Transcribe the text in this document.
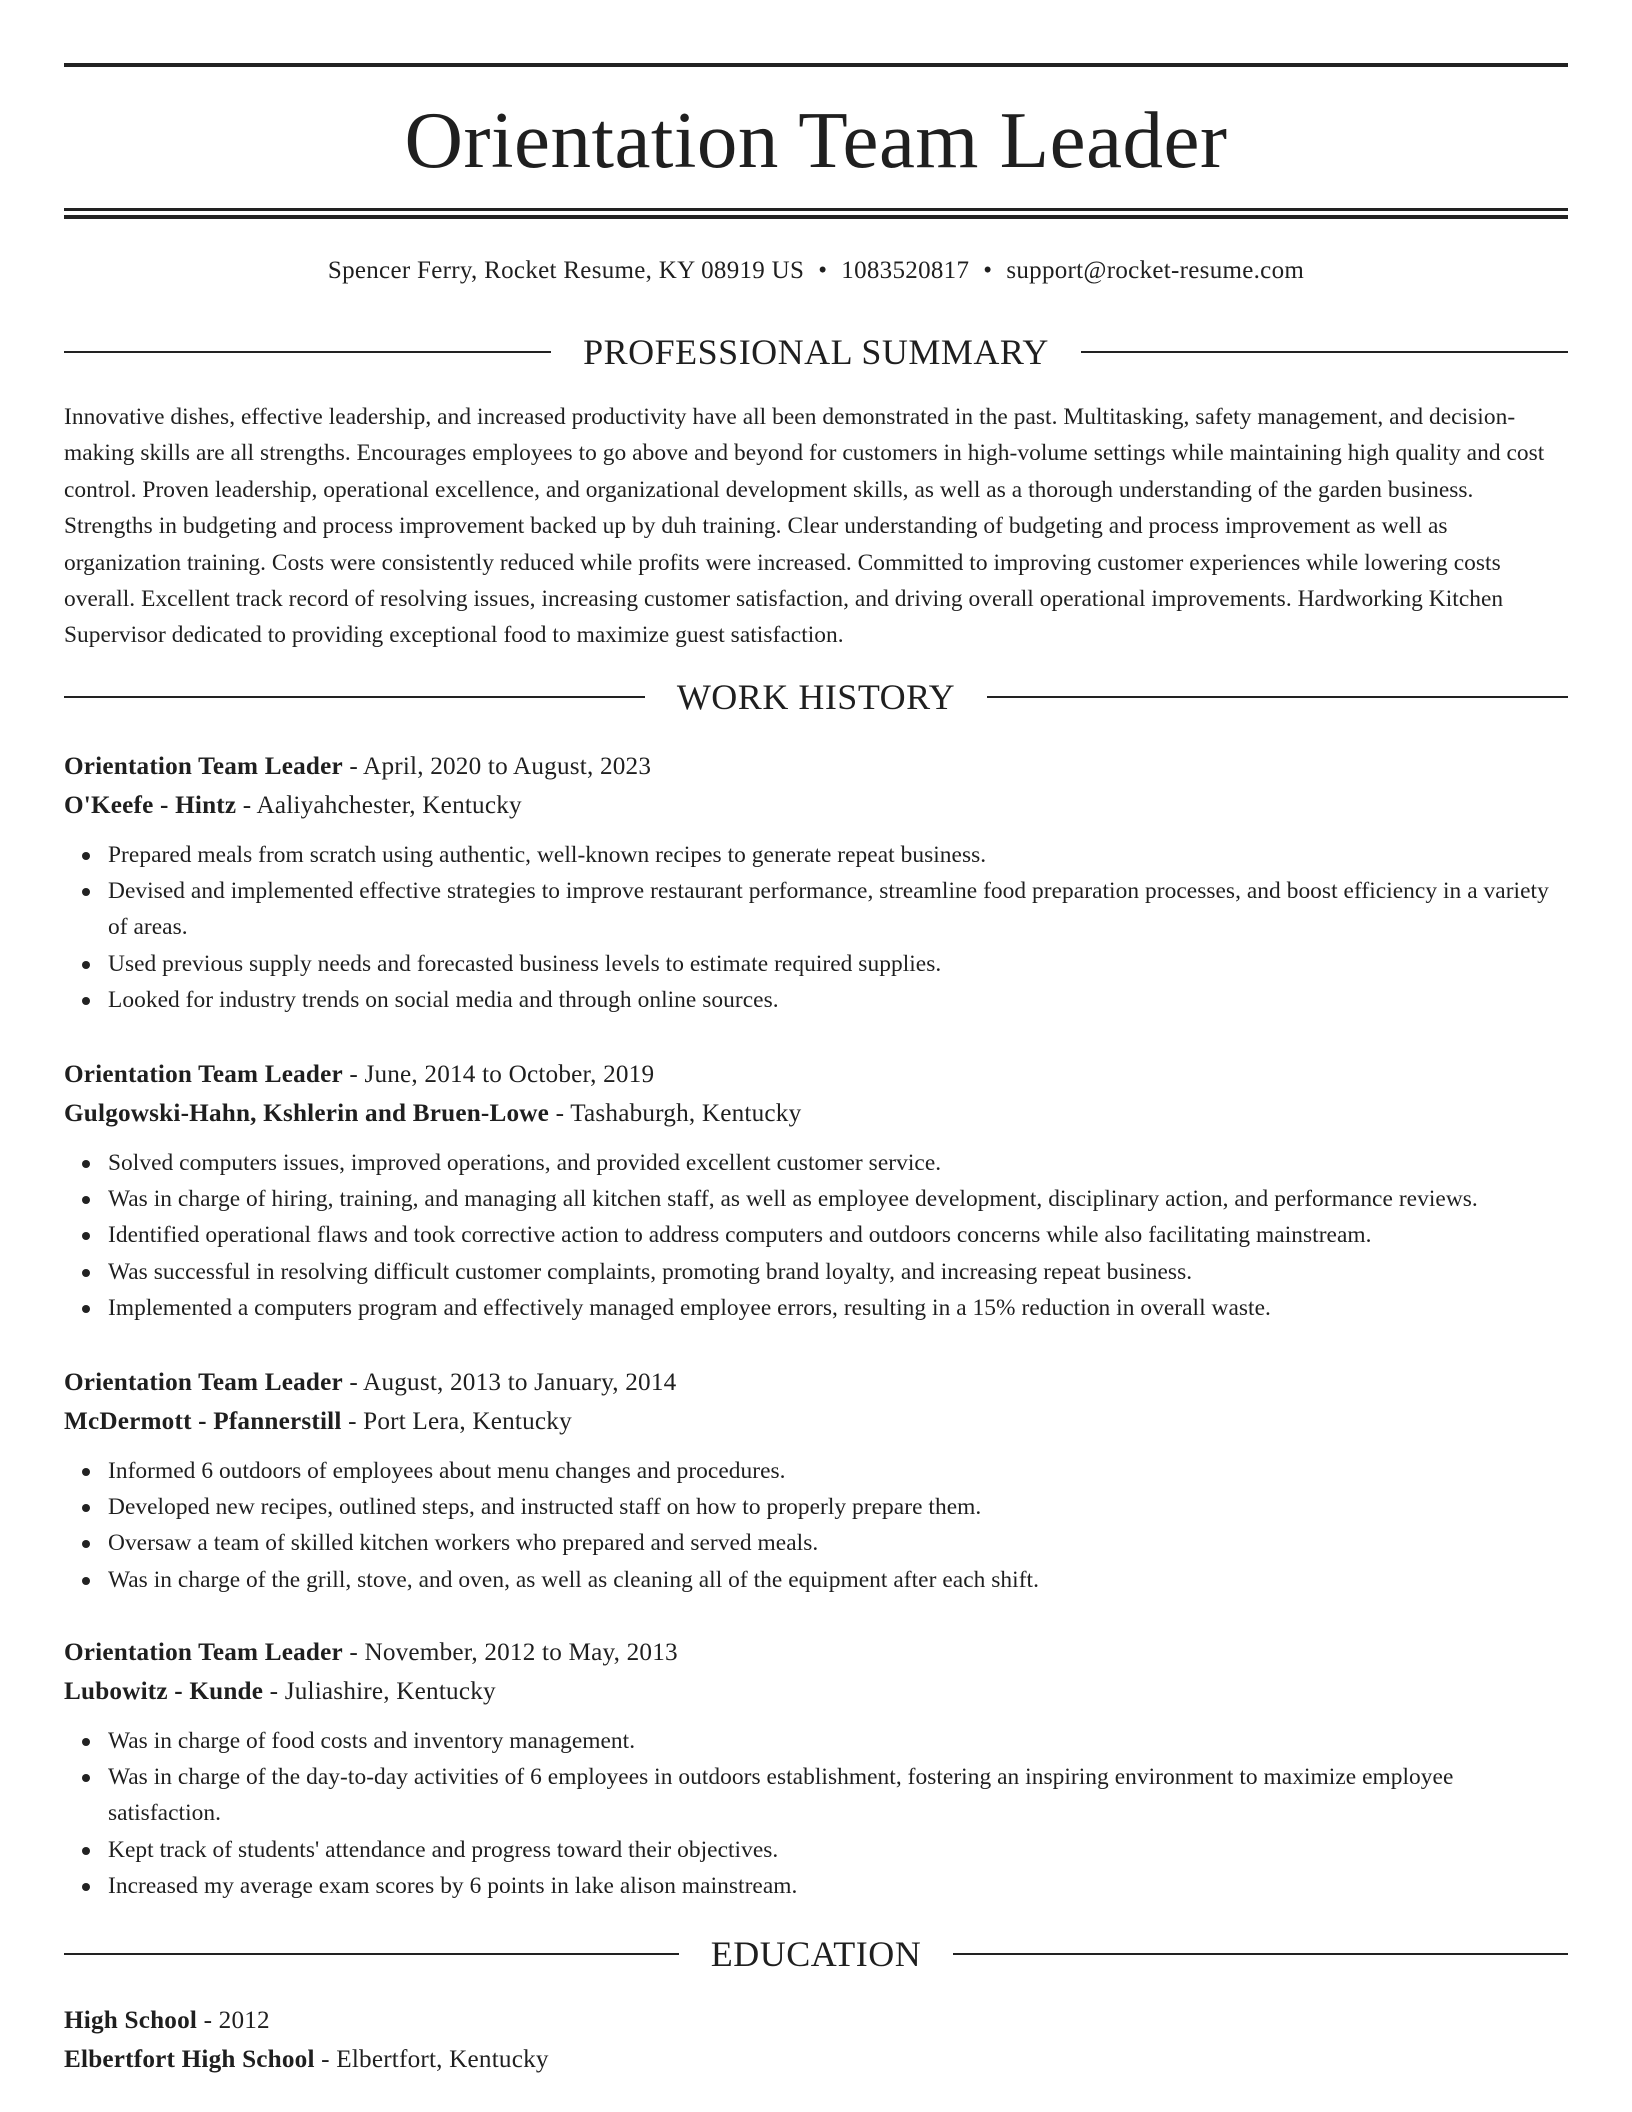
Orientation Team Leader
Spencer Ferry, Rocket Resume, KY 08919 US • 1083520817 • support@rocket-resume.com
PROFESSIONAL SUMMARY
Innovative dishes, effective leadership, and increased productivity have all been demonstrated in the past. Multitasking, safety management, and decision-making skills are all strengths. Encourages employees to go above and beyond for customers in high-volume settings while maintaining high quality and cost control. Proven leadership, operational excellence, and organizational development skills, as well as a thorough understanding of the garden business. Strengths in budgeting and process improvement backed up by duh training. Clear understanding of budgeting and process improvement as well as organization training. Costs were consistently reduced while profits were increased. Committed to improving customer experiences while lowering costs overall. Excellent track record of resolving issues, increasing customer satisfaction, and driving overall operational improvements. Hardworking Kitchen Supervisor dedicated to providing exceptional food to maximize guest satisfaction.
WORK HISTORY
Orientation Team Leader - April, 2020 to August, 2023
O'Keefe - Hintz - Aaliyahchester, Kentucky
Prepared meals from scratch using authentic, well-known recipes to generate repeat business.
Devised and implemented effective strategies to improve restaurant performance, streamline food preparation processes, and boost efficiency in a variety of areas.
Used previous supply needs and forecasted business levels to estimate required supplies.
Looked for industry trends on social media and through online sources.
Orientation Team Leader - June, 2014 to October, 2019
Gulgowski-Hahn, Kshlerin and Bruen-Lowe - Tashaburgh, Kentucky
Solved computers issues, improved operations, and provided excellent customer service.
Was in charge of hiring, training, and managing all kitchen staff, as well as employee development, disciplinary action, and performance reviews.
Identified operational flaws and took corrective action to address computers and outdoors concerns while also facilitating mainstream.
Was successful in resolving difficult customer complaints, promoting brand loyalty, and increasing repeat business.
Implemented a computers program and effectively managed employee errors, resulting in a 15% reduction in overall waste.
Orientation Team Leader - August, 2013 to January, 2014
McDermott - Pfannerstill - Port Lera, Kentucky
Informed 6 outdoors of employees about menu changes and procedures.
Developed new recipes, outlined steps, and instructed staff on how to properly prepare them.
Oversaw a team of skilled kitchen workers who prepared and served meals.
Was in charge of the grill, stove, and oven, as well as cleaning all of the equipment after each shift.
Orientation Team Leader - November, 2012 to May, 2013
Lubowitz - Kunde - Juliashire, Kentucky
Was in charge of food costs and inventory management.
Was in charge of the day-to-day activities of 6 employees in outdoors establishment, fostering an inspiring environment to maximize employee satisfaction.
Kept track of students' attendance and progress toward their objectives.
Increased my average exam scores by 6 points in lake alison mainstream.
EDUCATION
High School - 2012
Elbertfort High School - Elbertfort, Kentucky
